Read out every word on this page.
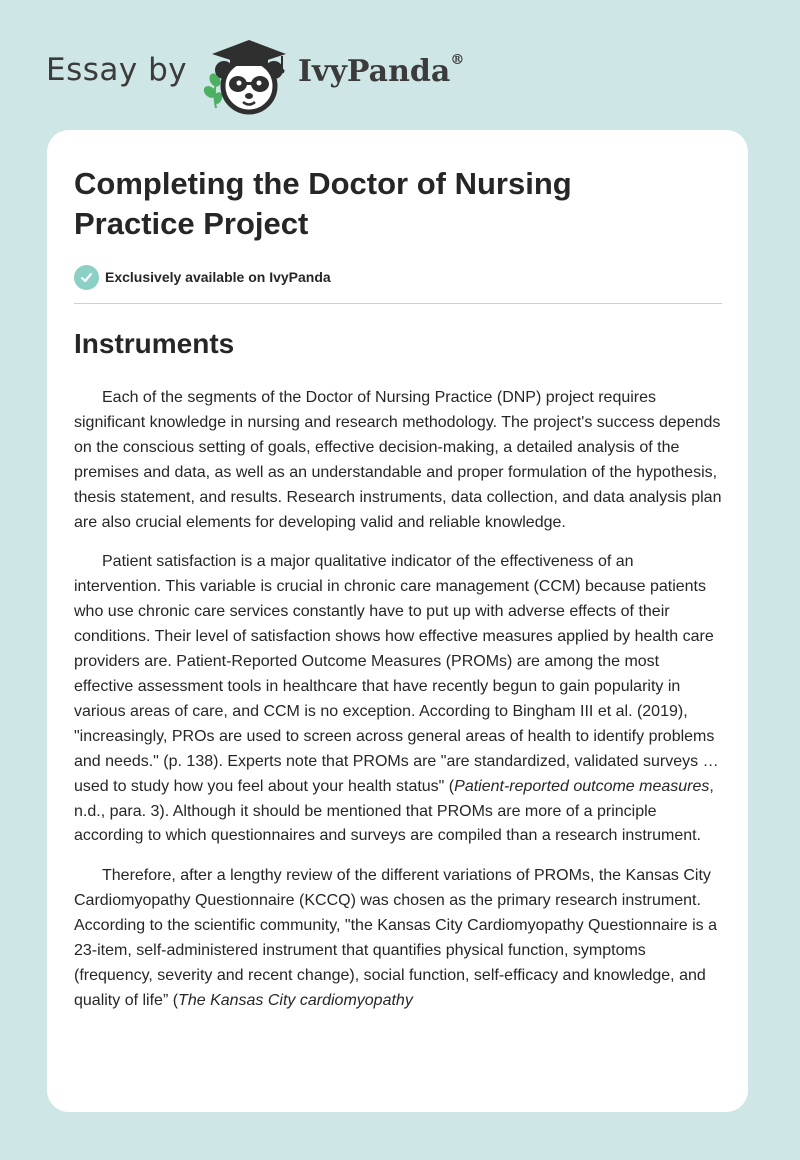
Essay by	IvyPanda®
Completing the Doctor of Nursing Practice Project
Exclusively available on IvyPanda
Instruments

Each of the segments of the Doctor of Nursing Practice (DNP) project requires significant knowledge in nursing and research methodology. The project's success depends on the conscious setting of goals, effective decision-making, a detailed analysis of the premises and data, as well as an understandable and proper formulation of the hypothesis, thesis statement, and results. Research instruments, data collection, and data analysis plan are also crucial elements for developing valid and reliable knowledge.

Patient satisfaction is a major qualitative indicator of the effectiveness of an intervention. This variable is crucial in chronic care management (CCM) because patients who use chronic care services constantly have to put up with adverse effects of their conditions. Their level of satisfaction shows how effective measures applied by health care providers are. Patient-Reported Outcome Measures (PROMs) are among the most effective assessment tools in healthcare that have recently begun to gain popularity in various areas of care, and CCM is no exception. According to Bingham III et al. (2019), "increasingly, PROs are used to screen across general areas of health to identify problems and needs." (p. 138). Experts note that PROMs are "are standardized, validated surveys … used to study how you feel about your health status" (Patient-reported outcome measures, n.d., para. 3). Although it should be mentioned that PROMs are more of a principle according to which questionnaires and surveys are compiled than a research instrument.

Therefore, after a lengthy review of the different variations of PROMs, the Kansas City Cardiomyopathy Questionnaire (KCCQ) was chosen as the primary research instrument. According to the scientific community, "the Kansas City Cardiomyopathy Questionnaire is a 23-item, self-administered instrument that quantifies physical function, symptoms (frequency, severity and recent change), social function, self-efficacy and knowledge, and quality of life” (The Kansas City cardiomyopathy
